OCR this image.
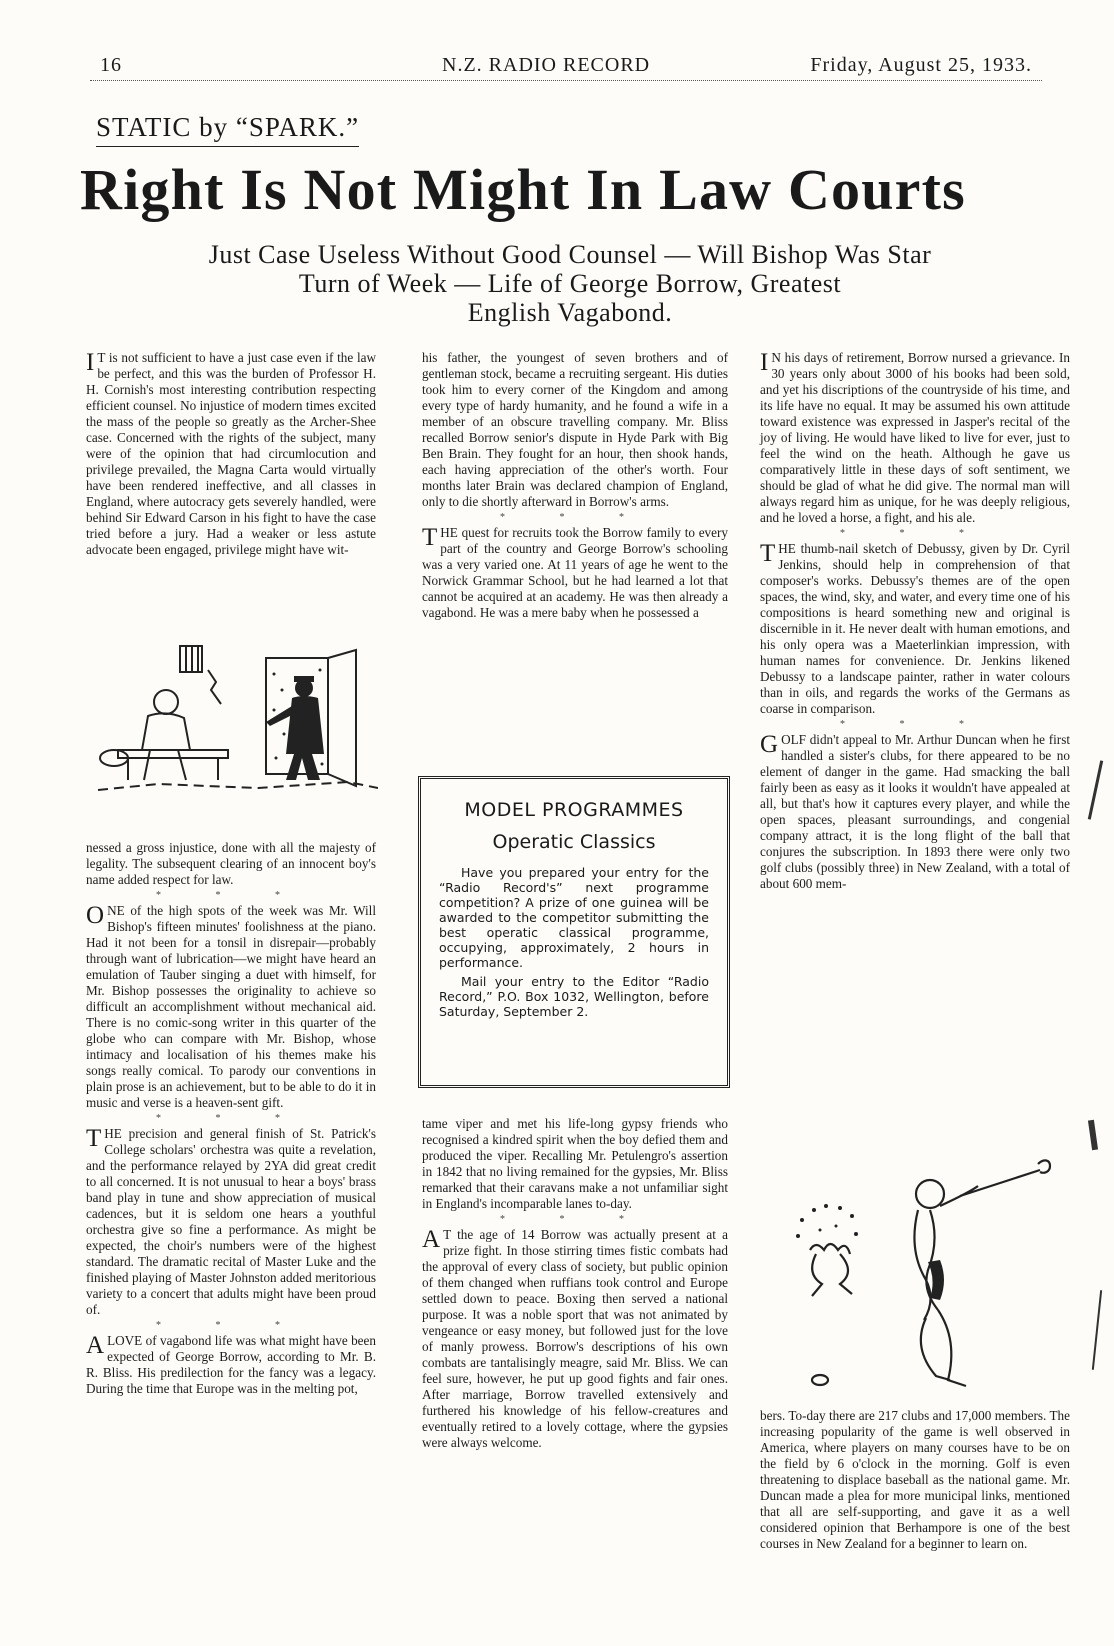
16	N.Z. RADIO RECORD	Friday, August 25, 1933.
STATIC by “SPARK.”
Right Is Not Might In Law Courts
Just Case Useless Without Good Counsel — Will Bishop Was Star
Turn of Week — Life of George Borrow, Greatest
English Vagabond.

I T is not sufficient to have a just case even if the law be perfect, and this was the burden of Professor H. H. Cornish's most interesting contribution respecting efficient counsel. No injustice of modern times excited the mass of the people so greatly as the Archer-Shee case. Concerned with the rights of the subject, many were of the opinion that had circumlocution and privilege prevailed, the Magna Carta would virtually have been rendered ineffective, and all classes in England, where autocracy gets severely handled, were behind Sir Edward Carson in his fight to have the case tried before a jury. Had a weaker or less astute advocate been engaged, privilege might have wit-

nessed a gross injustice, done with all the majesty of legality. The subsequent clearing of an innocent boy's name added respect for law.

* * *

ONE of the high spots of the week was Mr. Will Bishop's fifteen minutes' foolishness at the piano. Had it not been for a tonsil in disrepair—probably through want of lubrication—we might have heard an emulation of Tauber singing a duet with himself, for Mr. Bishop possesses the originality to achieve so difficult an accomplishment without mechanical aid. There is no comic-song writer in this quarter of the globe who can compare with Mr. Bishop, whose intimacy and localisation of his themes make his songs really comical. To parody our conventions in plain prose is an achievement, but to be able to do it in music and verse is a heaven-sent gift.

* * *

THE precision and general finish of St. Patrick's College scholars' orchestra was quite a revelation, and the performance relayed by 2YA did great credit to all concerned. It is not unusual to hear a boys' brass band play in tune and show appreciation of musical cadences, but it is seldom one hears a youthful orchestra give so fine a performance. As might be expected, the choir's numbers were of the highest standard. The dramatic recital of Master Luke and the finished playing of Master Johnston added meritorious variety to a concert that adults might have been proud of.

* * *

A LOVE of vagabond life was what might have been expected of George Borrow, according to Mr. B. R. Bliss. His predilection for the fancy was a legacy. During the time that Europe was in the melting pot,

his father, the youngest of seven brothers and of gentleman stock, became a recruiting sergeant. His duties took him to every corner of the Kingdom and among every type of hardy humanity, and he found a wife in a member of an obscure travelling company. Mr. Bliss recalled Borrow senior's dispute in Hyde Park with Big Ben Brain. They fought for an hour, then shook hands, each having appreciation of the other's worth. Four months later Brain was declared champion of England, only to die shortly afterward in Borrow's arms.

* * *

THE quest for recruits took the Borrow family to every part of the country and George Borrow's schooling was a very varied one. At 11 years of age he went to the Norwick Grammar School, but he had learned a lot that cannot be acquired at an academy. He was then already a vagabond. He was a mere baby when he possessed a

MODEL PROGRAMMES
Operatic Classics

Have you prepared your entry for the “Radio Record's” next programme competition? A prize of one guinea will be awarded to the competitor submitting the best operatic classical programme, occupying, approximately, 2 hours in performance.

Mail your entry to the Editor “Radio Record,” P.O. Box 1032, Wellington, before Saturday, September 2.

tame viper and met his life-long gypsy friends who recognised a kindred spirit when the boy defied them and produced the viper. Recalling Mr. Petulengro's assertion in 1842 that no living remained for the gypsies, Mr. Bliss remarked that their caravans make a not unfamiliar sight in England's incomparable lanes to-day.

* * *

A T the age of 14 Borrow was actually present at a prize fight. In those stirring times fistic combats had the approval of every class of society, but public opinion of them changed when ruffians took control and Europe settled down to peace. Boxing then served a national purpose. It was a noble sport that was not animated by vengeance or easy money, but followed just for the love of manly prowess. Borrow's descriptions of his own combats are tantalisingly meagre, said Mr. Bliss. We can feel sure, however, he put up good fights and fair ones. After marriage, Borrow travelled extensively and furthered his knowledge of his fellow-creatures and eventually retired to a lovely cottage, where the gypsies were always welcome.

I N his days of retirement, Borrow nursed a grievance. In 30 years only about 3000 of his books had been sold, and yet his discriptions of the countryside of his time, and its life have no equal. It may be assumed his own attitude toward existence was expressed in Jasper's recital of the joy of living. He would have liked to live for ever, just to feel the wind on the heath. Although he gave us comparatively little in these days of soft sentiment, we should be glad of what he did give. The normal man will always regard him as unique, for he was deeply religious, and he loved a horse, a fight, and his ale.

* * *

THE thumb-nail sketch of Debussy, given by Dr. Cyril Jenkins, should help in comprehension of that composer's works. Debussy's themes are of the open spaces, the wind, sky, and water, and every time one of his compositions is heard something new and original is discernible in it. He never dealt with human emotions, and his only opera was a Maeterlinkian impression, with human names for convenience. Dr. Jenkins likened Debussy to a landscape painter, rather in water colours than in oils, and regards the works of the Germans as coarse in comparison.

* * *

GOLF didn't appeal to Mr. Arthur Duncan when he first handled a sister's clubs, for there appeared to be no element of danger in the game. Had smacking the ball fairly been as easy as it looks it wouldn't have appealed at all, but that's how it captures every player, and while the open spaces, pleasant surroundings, and congenial company attract, it is the long flight of the ball that conjures the subscription. In 1893 there were only two golf clubs (possibly three) in New Zealand, with a total of about 600 mem-

bers. To-day there are 217 clubs and 17,000 members. The increasing popularity of the game is well observed in America, where players on many courses have to be on the field by 6 o'clock in the morning. Golf is even threatening to displace baseball as the national game. Mr. Duncan made a plea for more municipal links, mentioned that all are self-supporting, and gave it as a well considered opinion that Berhampore is one of the best courses in New Zealand for a beginner to learn on.
